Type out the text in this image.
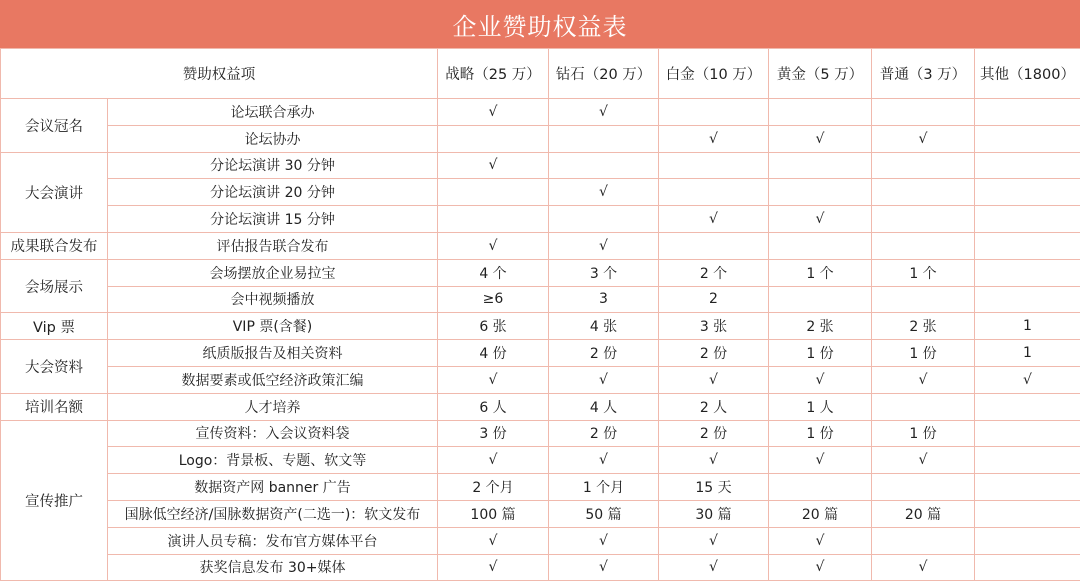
企业赞助权益表
赞助权益项		战略（25 万）	钻石（20 万）	白金（10 万）	黄金（5 万）	普通（3 万）	其他（1800）
会议冠名	论坛联合承办	√	√				
	论坛协办			√	√	√	
大会演讲	分论坛演讲 30 分钟	√					
	分论坛演讲 20 分钟		√				
	分论坛演讲 15 分钟			√	√		
成果联合发布	评估报告联合发布	√	√				
会场展示	会场摆放企业易拉宝	4 个	3 个	2 个	1 个	1 个	
	会中视频播放	≥6	3	2			
Vip 票	VIP 票(含餐)	6 张	4 张	3 张	2 张	2 张	1
大会资料	纸质版报告及相关资料	4 份	2 份	2 份	1 份	1 份	1
	数据要素或低空经济政策汇编	√	√	√	√	√	√
培训名额	人才培养	6 人	4 人	2 人	1 人		
宣传推广	宣传资料：入会议资料袋	3 份	2 份	2 份	1 份	1 份	
	Logo：背景板、专题、软文等	√	√	√	√	√	
	数据资产网 banner 广告	2 个月	1 个月	15 天			
	国脉低空经济/国脉数据资产(二选一)：软文发布	100 篇	50 篇	30 篇	20 篇	20 篇	
	演讲人员专稿：发布官方媒体平台	√	√	√	√		
	获奖信息发布 30+媒体	√	√	√	√	√	
